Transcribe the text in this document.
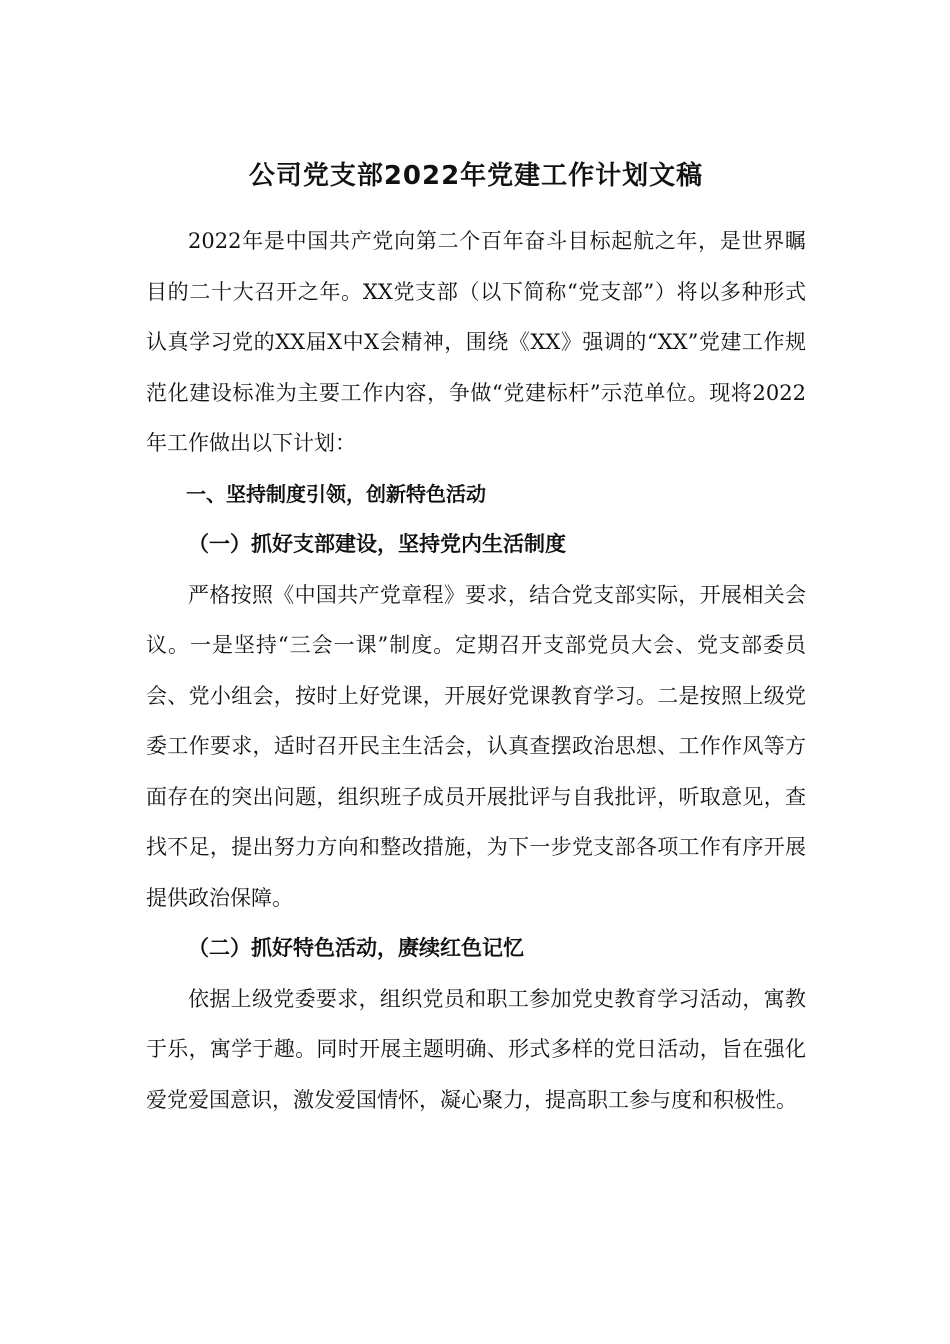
公司党支部2022年党建工作计划文稿

2022年是中国共产党向第二个百年奋斗目标起航之年，是世界瞩目的二十大召开之年。XX党支部（以下简称“党支部”）将以多种形式认真学习党的XX届X中X会精神，围绕《XX》强调的“XX”党建工作规范化建设标准为主要工作内容，争做“党建标杆”示范单位。现将2022年工作做出以下计划：

一、坚持制度引领，创新特色活动
（一）抓好支部建设，坚持党内生活制度

严格按照《中国共产党章程》要求，结合党支部实际，开展相关会议。一是坚持“三会一课”制度。定期召开支部党员大会、党支部委员会、党小组会，按时上好党课，开展好党课教育学习。二是按照上级党委工作要求，适时召开民主生活会，认真查摆政治思想、工作作风等方面存在的突出问题，组织班子成员开展批评与自我批评，听取意见，查找不足，提出努力方向和整改措施，为下一步党支部各项工作有序开展提供政治保障。

（二）抓好特色活动，赓续红色记忆

依据上级党委要求，组织党员和职工参加党史教育学习活动，寓教于乐，寓学于趣。同时开展主题明确、形式多样的党日活动，旨在强化爱党爱国意识，激发爱国情怀，凝心聚力，提高职工参与度和积极性。
